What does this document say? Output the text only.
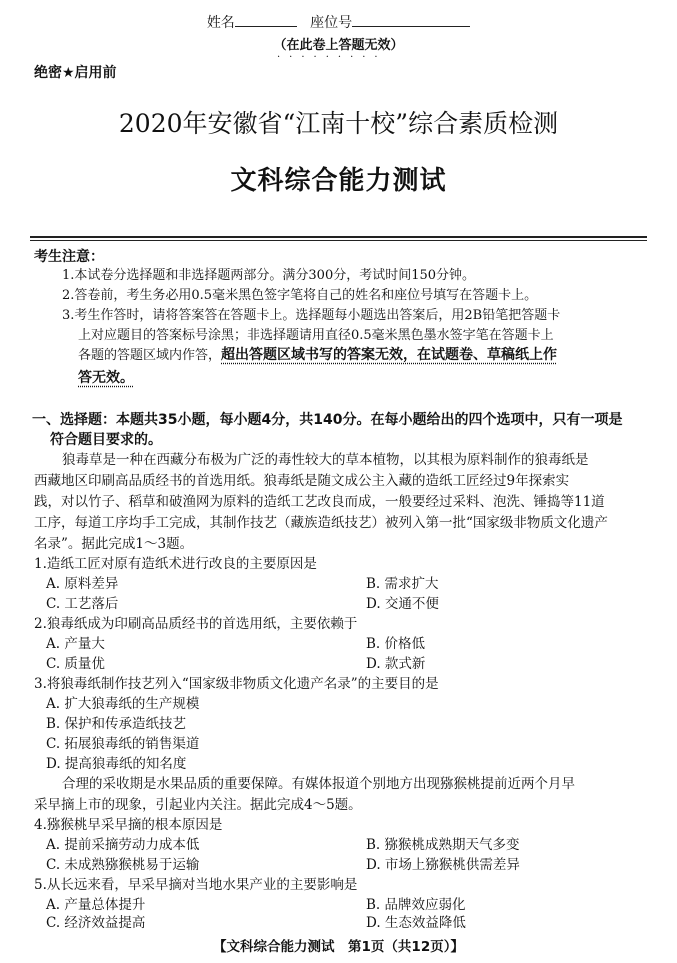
姓名	座位号
（在此卷上答题无效）
·········
绝密★启用前
2020年安徽省“江南十校”综合素质检测
文科综合能力测试
考生注意：
1.本试卷分选择题和非选择题两部分。满分300分，考试时间150分钟。
2.答卷前，考生务必用0.5毫米黑色签字笔将自己的姓名和座位号填写在答题卡上。
3.考生作答时，请将答案答在答题卡上。选择题每小题选出答案后，用2B铅笔把答题卡
上对应题目的答案标号涂黑；非选择题请用直径0.5毫米黑色墨水签字笔在答题卡上
各题的答题区域内作答，超出答题区域书写的答案无效，在试题卷、草稿纸上作
答无效。
一、选择题：本题共35小题，每小题4分，共140分。在每小题给出的四个选项中，只有一项是
符合题目要求的。
狼毒草是一种在西藏分布极为广泛的毒性较大的草本植物，以其根为原料制作的狼毒纸是
西藏地区印刷高品质经书的首选用纸。狼毒纸是随文成公主入藏的造纸工匠经过9年探索实
践，对以竹子、稻草和破渔网为原料的造纸工艺改良而成，一般要经过采料、泡洗、锤捣等11道
工序，每道工序均手工完成，其制作技艺（藏族造纸技艺）被列入第一批“国家级非物质文化遗产
名录”。据此完成1～3题。
1.造纸工匠对原有造纸术进行改良的主要原因是
A. 原料差异	B. 需求扩大
C. 工艺落后	D. 交通不便
2.狼毒纸成为印刷高品质经书的首选用纸，主要依赖于
A. 产量大	B. 价格低
C. 质量优	D. 款式新
3.将狼毒纸制作技艺列入“国家级非物质文化遗产名录”的主要目的是
A. 扩大狼毒纸的生产规模
B. 保护和传承造纸技艺
C. 拓展狼毒纸的销售渠道
D. 提高狼毒纸的知名度
合理的采收期是水果品质的重要保障。有媒体报道个别地方出现猕猴桃提前近两个月早
采早摘上市的现象，引起业内关注。据此完成4～5题。
4.猕猴桃早采早摘的根本原因是
A. 提前采摘劳动力成本低	B. 猕猴桃成熟期天气多变
C. 未成熟猕猴桃易于运输	D. 市场上猕猴桃供需差异
5.从长远来看，早采早摘对当地水果产业的主要影响是
A. 产量总体提升	B. 品牌效应弱化
C. 经济效益提高	D. 生态效益降低
【文科综合能力测试　第1页（共12页）】
